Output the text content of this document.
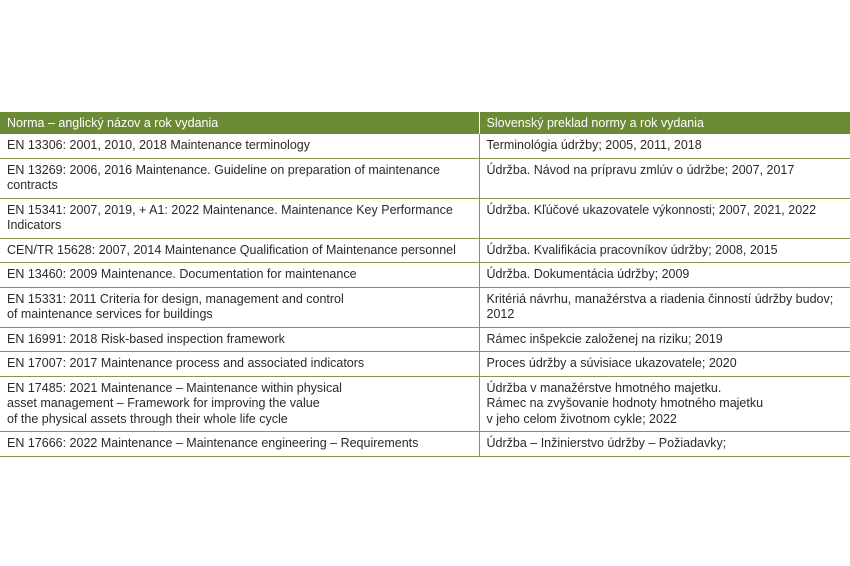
Norma – anglický názov a rok vydania	Slovenský preklad normy a rok vydania
EN 13306: 2001, 2010, 2018 Maintenance terminology	Terminológia údržby; 2005, 2011, 2018
EN 13269: 2006, 2016 Maintenance. Guideline on preparation of maintenance
contracts	Údržba. Návod na prípravu zmlúv o údržbe; 2007, 2017
EN 15341: 2007, 2019, + A1: 2022 Maintenance. Maintenance Key Performance
Indicators	Údržba. Kľúčové ukazovatele výkonnosti; 2007, 2021, 2022
CEN/TR 15628: 2007, 2014 Maintenance Qualification of Maintenance personnel	Údržba. Kvalifikácia pracovníkov údržby; 2008, 2015
EN 13460: 2009 Maintenance. Documentation for maintenance	Údržba. Dokumentácia údržby; 2009
EN 15331: 2011 Criteria for design, management and control
of maintenance services for buildings	Kritériá návrhu, manažérstva a riadenia činností údržby budov;
2012
EN 16991: 2018 Risk-based inspection framework	Rámec inšpekcie založenej na riziku; 2019
EN 17007: 2017 Maintenance process and associated indicators	Proces údržby a súvisiace ukazovatele; 2020
EN 17485: 2021 Maintenance – Maintenance within physical
asset management – Framework for improving the value
of the physical assets through their whole life cycle	Údržba v manažérstve hmotného majetku.
Rámec na zvyšovanie hodnoty hmotného majetku
v jeho celom životnom cykle; 2022
EN 17666: 2022 Maintenance – Maintenance engineering – Requirements	Údržba – Inžinierstvo údržby – Požiadavky;
